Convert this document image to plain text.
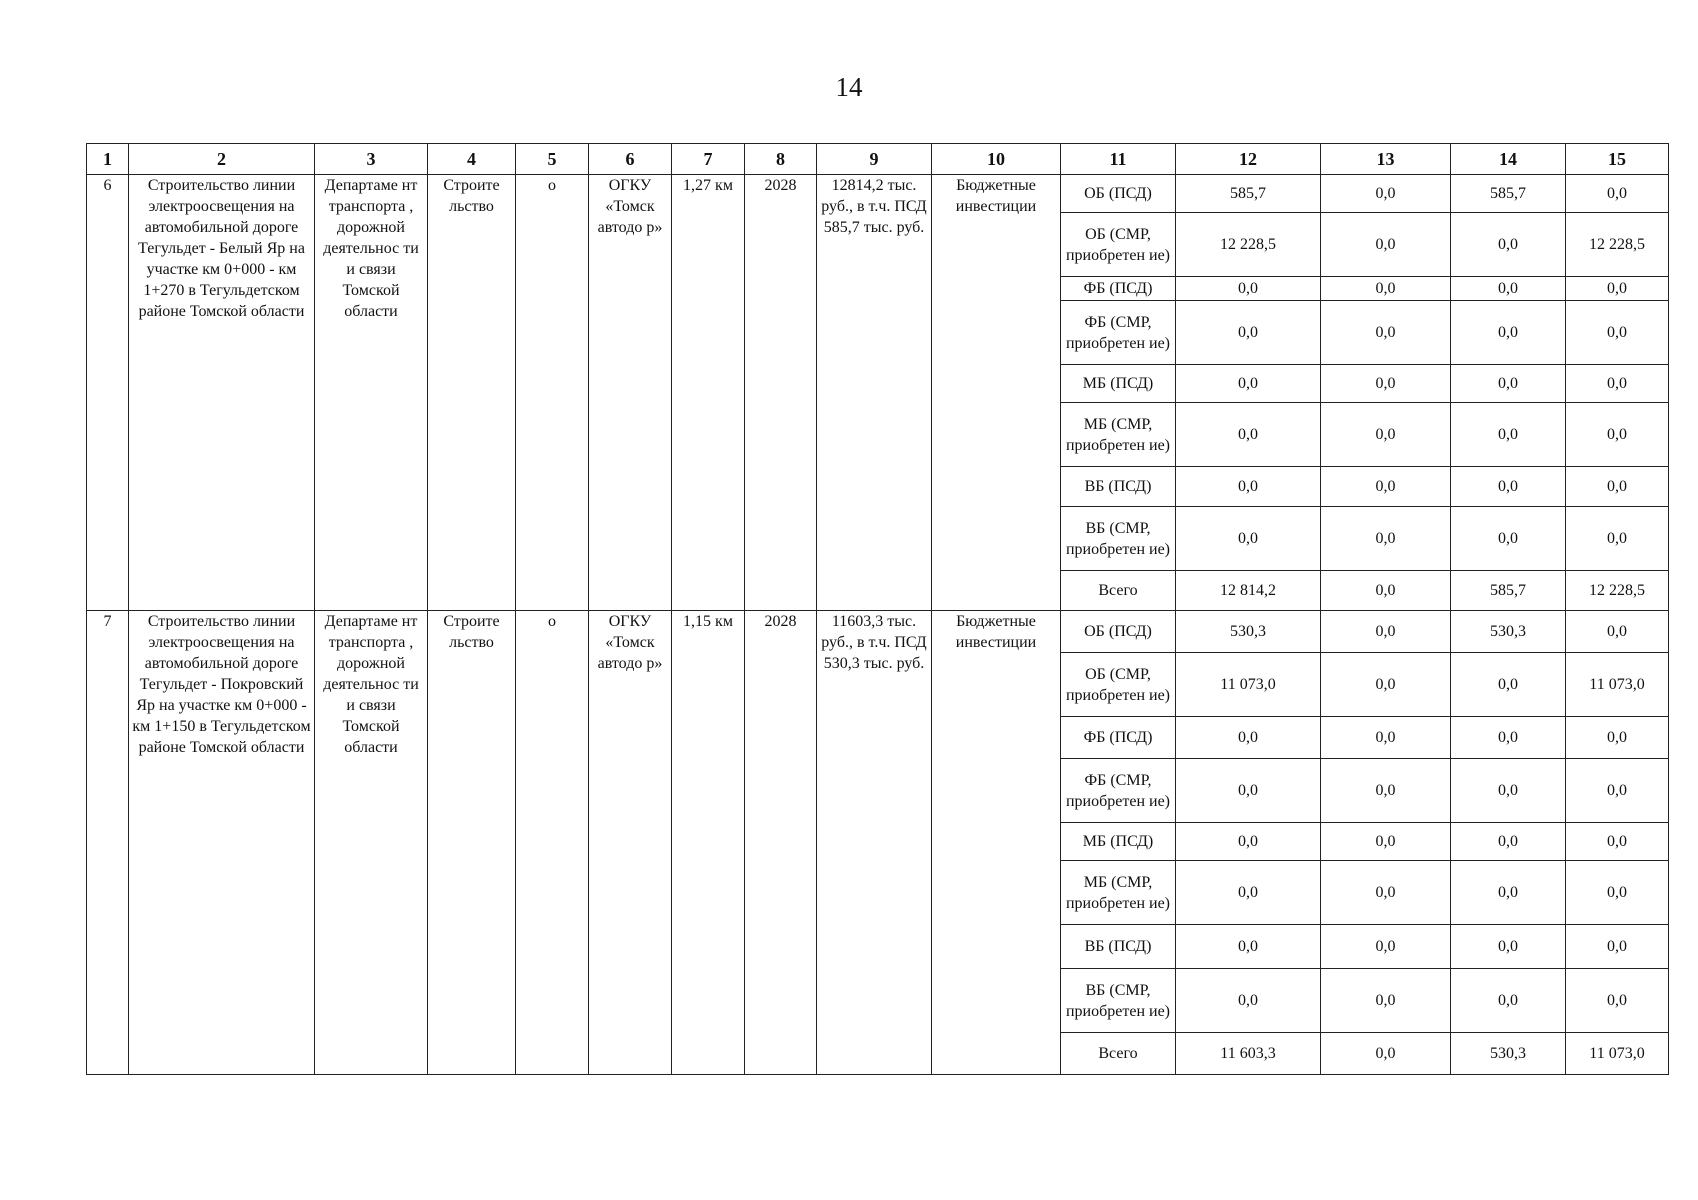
14
1	2	3	4	5	6	7	8	9	10	11	12	13	14	15
6	Строительство линии электроосвещения на автомобильной дороге Тегульдет - Белый Яр на участке км 0+000 - км 1+270 в Тегульдетском районе Томской области	Департаме нт транспорта , дорожной деятельнос ти и связи Томской области	Строите льство	о	ОГКУ «Томск автодо р»	1,27 км	2028	12814,2 тыс. руб., в т.ч. ПСД 585,7 тыс. руб.	Бюджетные инвестиции	ОБ (ПСД)	585,7	0,0	585,7	0,0
										ОБ (СМР, приобретен ие)	12 228,5	0,0	0,0	12 228,5
										ФБ (ПСД)	0,0	0,0	0,0	0,0
										ФБ (СМР, приобретен ие)	0,0	0,0	0,0	0,0
										МБ (ПСД)	0,0	0,0	0,0	0,0
										МБ (СМР, приобретен ие)	0,0	0,0	0,0	0,0
										ВБ (ПСД)	0,0	0,0	0,0	0,0
										ВБ (СМР, приобретен ие)	0,0	0,0	0,0	0,0
										Всего	12 814,2	0,0	585,7	12 228,5
7	Строительство линии электроосвещения на автомобильной дороге Тегульдет - Покровский Яр на участке км 0+000 - км 1+150 в Тегульдетском районе Томской области	Департаме нт транспорта , дорожной деятельнос ти и связи Томской области	Строите льство	о	ОГКУ «Томск автодо р»	1,15 км	2028	11603,3 тыс. руб., в т.ч. ПСД 530,3 тыс. руб.	Бюджетные инвестиции	ОБ (ПСД)	530,3	0,0	530,3	0,0
										ОБ (СМР, приобретен ие)	11 073,0	0,0	0,0	11 073,0
										ФБ (ПСД)	0,0	0,0	0,0	0,0
										ФБ (СМР, приобретен ие)	0,0	0,0	0,0	0,0
										МБ (ПСД)	0,0	0,0	0,0	0,0
										МБ (СМР, приобретен ие)	0,0	0,0	0,0	0,0
										ВБ (ПСД)	0,0	0,0	0,0	0,0
										ВБ (СМР, приобретен ие)	0,0	0,0	0,0	0,0
										Всего	11 603,3	0,0	530,3	11 073,0
